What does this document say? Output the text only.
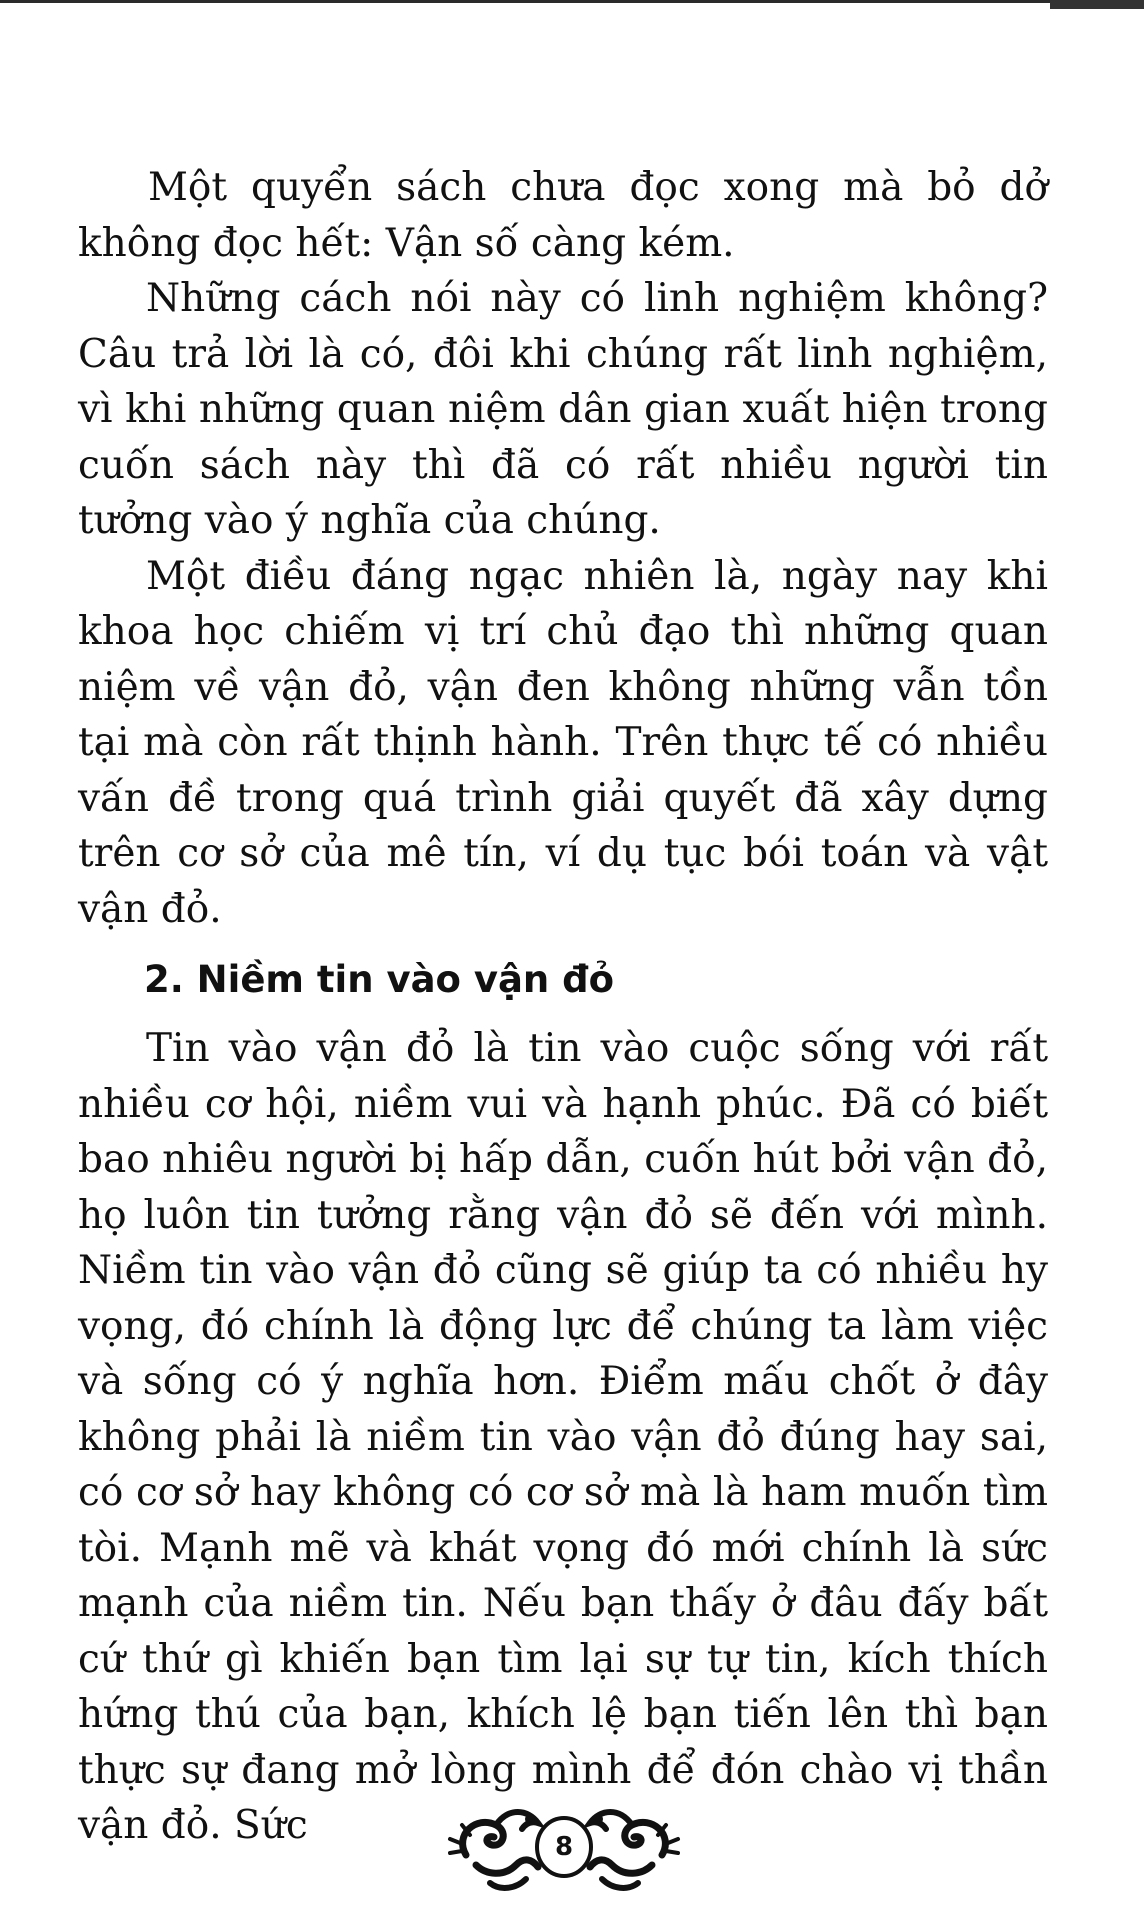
Một quyển sách chưa đọc xong mà bỏ dở không đọc hết: Vận số càng kém.

Những cách nói này có linh nghiệm không? Câu trả lời là có, đôi khi chúng rất linh nghiệm, vì khi những quan niệm dân gian xuất hiện trong cuốn sách này thì đã có rất nhiều người tin tưởng vào ý nghĩa của chúng.

Một điều đáng ngạc nhiên là, ngày nay khi khoa học chiếm vị trí chủ đạo thì những quan niệm về vận đỏ, vận đen không những vẫn tồn tại mà còn rất thịnh hành. Trên thực tế có nhiều vấn đề trong quá trình giải quyết đã xây dựng trên cơ sở của mê tín, ví dụ tục bói toán và vật vận đỏ.

2. Niềm tin vào vận đỏ

Tin vào vận đỏ là tin vào cuộc sống với rất nhiều cơ hội, niềm vui và hạnh phúc. Đã có biết bao nhiêu người bị hấp dẫn, cuốn hút bởi vận đỏ, họ luôn tin tưởng rằng vận đỏ sẽ đến với mình. Niềm tin vào vận đỏ cũng sẽ giúp ta có nhiều hy vọng, đó chính là động lực để chúng ta làm việc và sống có ý nghĩa hơn. Điểm mấu chốt ở đây không phải là niềm tin vào vận đỏ đúng hay sai, có cơ sở hay không có cơ sở mà là ham muốn tìm tòi. Mạnh mẽ và khát vọng đó mới chính là sức mạnh của niềm tin. Nếu bạn thấy ở đâu đấy bất cứ thứ gì khiến bạn tìm lại sự tự tin, kích thích hứng thú của bạn, khích lệ bạn tiến lên thì bạn thực sự đang mở lòng mình để đón chào vị thần vận đỏ. Sức	8
